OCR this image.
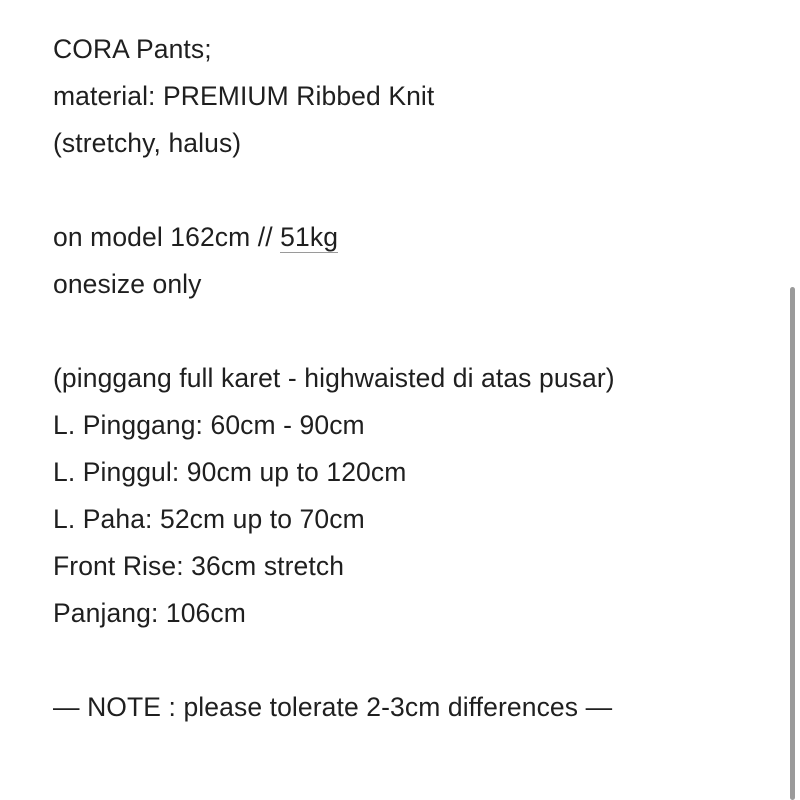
CORA Pants;
material: PREMIUM Ribbed Knit
(stretchy, halus)
on model 162cm // 51kg
onesize only
(pinggang full karet - highwaisted di atas pusar)
L. Pinggang: 60cm - 90cm
L. Pinggul: 90cm up to 120cm
L. Paha: 52cm up to 70cm
Front Rise: 36cm stretch
Panjang: 106cm
— NOTE : please tolerate 2-3cm differences —
